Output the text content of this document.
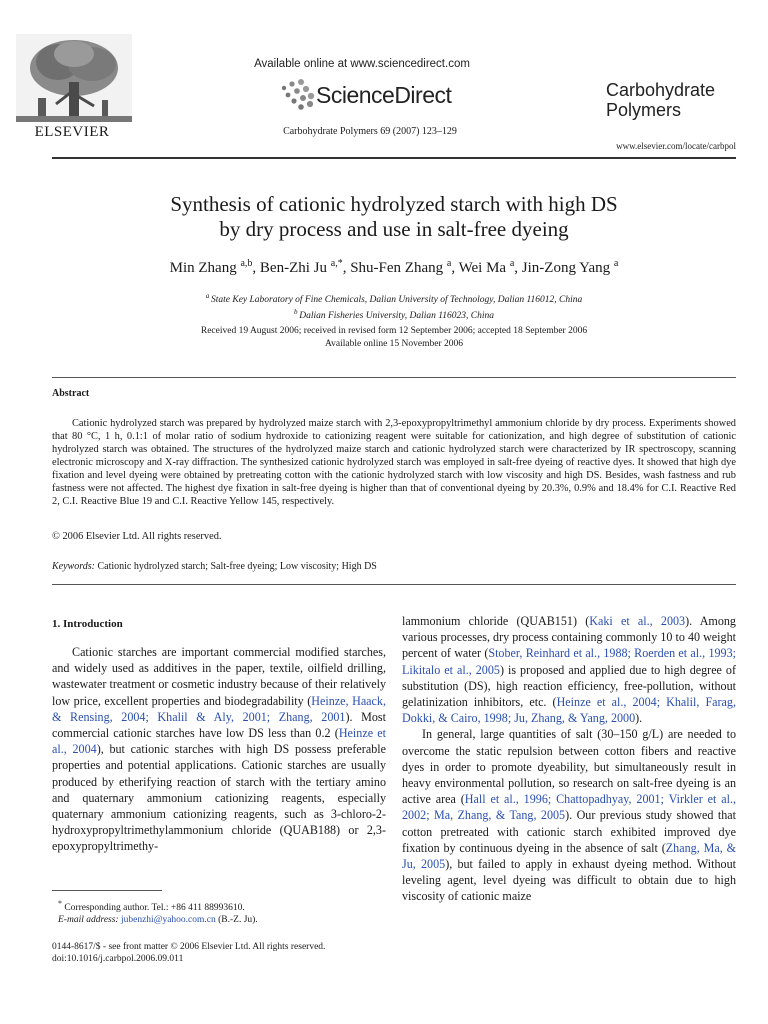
ELSEVIER
Available online at www.sciencedirect.com
ScienceDirect
Carbohydrate Polymers 69 (2007) 123–129
Carbohydrate
Polymers
www.elsevier.com/locate/carbpol
Synthesis of cationic hydrolyzed starch with high DS
by dry process and use in salt-free dyeing
Min Zhang $^{a,b}$, Ben-Zhi Ju $^{a,*}$, Shu-Fen Zhang $^a$, Wei Ma $^a$, Jin-Zong Yang $^a$
$^a$ State Key Laboratory of Fine Chemicals, Dalian University of Technology, Dalian 116012, China
$^b$ Dalian Fisheries University, Dalian 116023, China
Received 19 August 2006; received in revised form 12 September 2006; accepted 18 September 2006
Available online 15 November 2006
Abstract
Cationic hydrolyzed starch was prepared by hydrolyzed maize starch with 2,3-epoxypropyltrimethyl ammonium chloride by dry process. Experiments showed that 80 °C, 1 h, 0.1:1 of molar ratio of sodium hydroxide to cationizing reagent were suitable for cationization, and high degree of substitution of cationic hydrolyzed starch was obtained. The structures of the hydrolyzed maize starch and cationic hydrolyzed starch were characterized by IR spectroscopy, scanning electronic microscopy and X-ray diffraction. The synthesized cationic hydrolyzed starch was employed in salt-free dyeing of reactive dyes. It showed that high dye fixation and level dyeing were obtained by pretreating cotton with the cationic hydrolyzed starch with low viscosity and high DS. Besides, wash fastness and rub fastness were not affected. The highest dye fixation in salt-free dyeing is higher than that of conventional dyeing by 20.3%, 0.9% and 18.4% for C.I. Reactive Red 2, C.I. Reactive Blue 19 and C.I. Reactive Yellow 145, respectively.
© 2006 Elsevier Ltd. All rights reserved.
Keywords: Cationic hydrolyzed starch; Salt-free dyeing; Low viscosity; High DS
1. Introduction

Cationic starches are important commercial modified starches, and widely used as additives in the paper, textile, oilfield drilling, wastewater treatment or cosmetic industry because of their relatively low price, excellent properties and biodegradability (Heinze, Haack, & Rensing, 2004; Khalil & Aly, 2001; Zhang, 2001). Most commercial cationic starches have low DS less than 0.2 (Heinze et al., 2004), but cationic starches with high DS possess preferable properties and potential applications. Cationic starches are usually produced by etherifying reaction of starch with the tertiary amino and quaternary ammonium cationizing reagents, especially quaternary ammonium cationizing reagents, such as 3-chloro-2-hydroxypropyltrimethylammonium chloride (QUAB188) or 2,3-epoxypropyltrimethy-

lammonium chloride (QUAB151) (Kaki et al., 2003). Among various processes, dry process containing commonly 10 to 40 weight percent of water (Stober, Reinhard et al., 1988; Roerden et al., 1993; Likitalo et al., 2005) is proposed and applied due to high degree of substitution (DS), high reaction efficiency, free-pollution, without gelatinization inhibitors, etc. (Heinze et al., 2004; Khalil, Farag, Dokki, & Cairo, 1998; Ju, Zhang, & Yang, 2000).

In general, large quantities of salt (30–150 g/L) are needed to overcome the static repulsion between cotton fibers and reactive dyes in order to promote dyeability, but simultaneously result in heavy environmental pollution, so research on salt-free dyeing is an active area (Hall et al., 1996; Chattopadhyay, 2001; Virkler et al., 2002; Ma, Zhang, & Tang, 2005). Our previous study showed that cotton pretreated with cationic starch exhibited improved dye fixation by continuous dyeing in the absence of salt (Zhang, Ma, & Ju, 2005), but failed to apply in exhaust dyeing method. Without leveling agent, level dyeing was difficult to obtain due to high viscosity of cationic maize

* Corresponding author. Tel.: +86 411 88993610.
E-mail address: jubenzhi@yahoo.com.cn (B.-Z. Ju).
0144-8617/$ - see front matter © 2006 Elsevier Ltd. All rights reserved.
doi:10.1016/j.carbpol.2006.09.011
